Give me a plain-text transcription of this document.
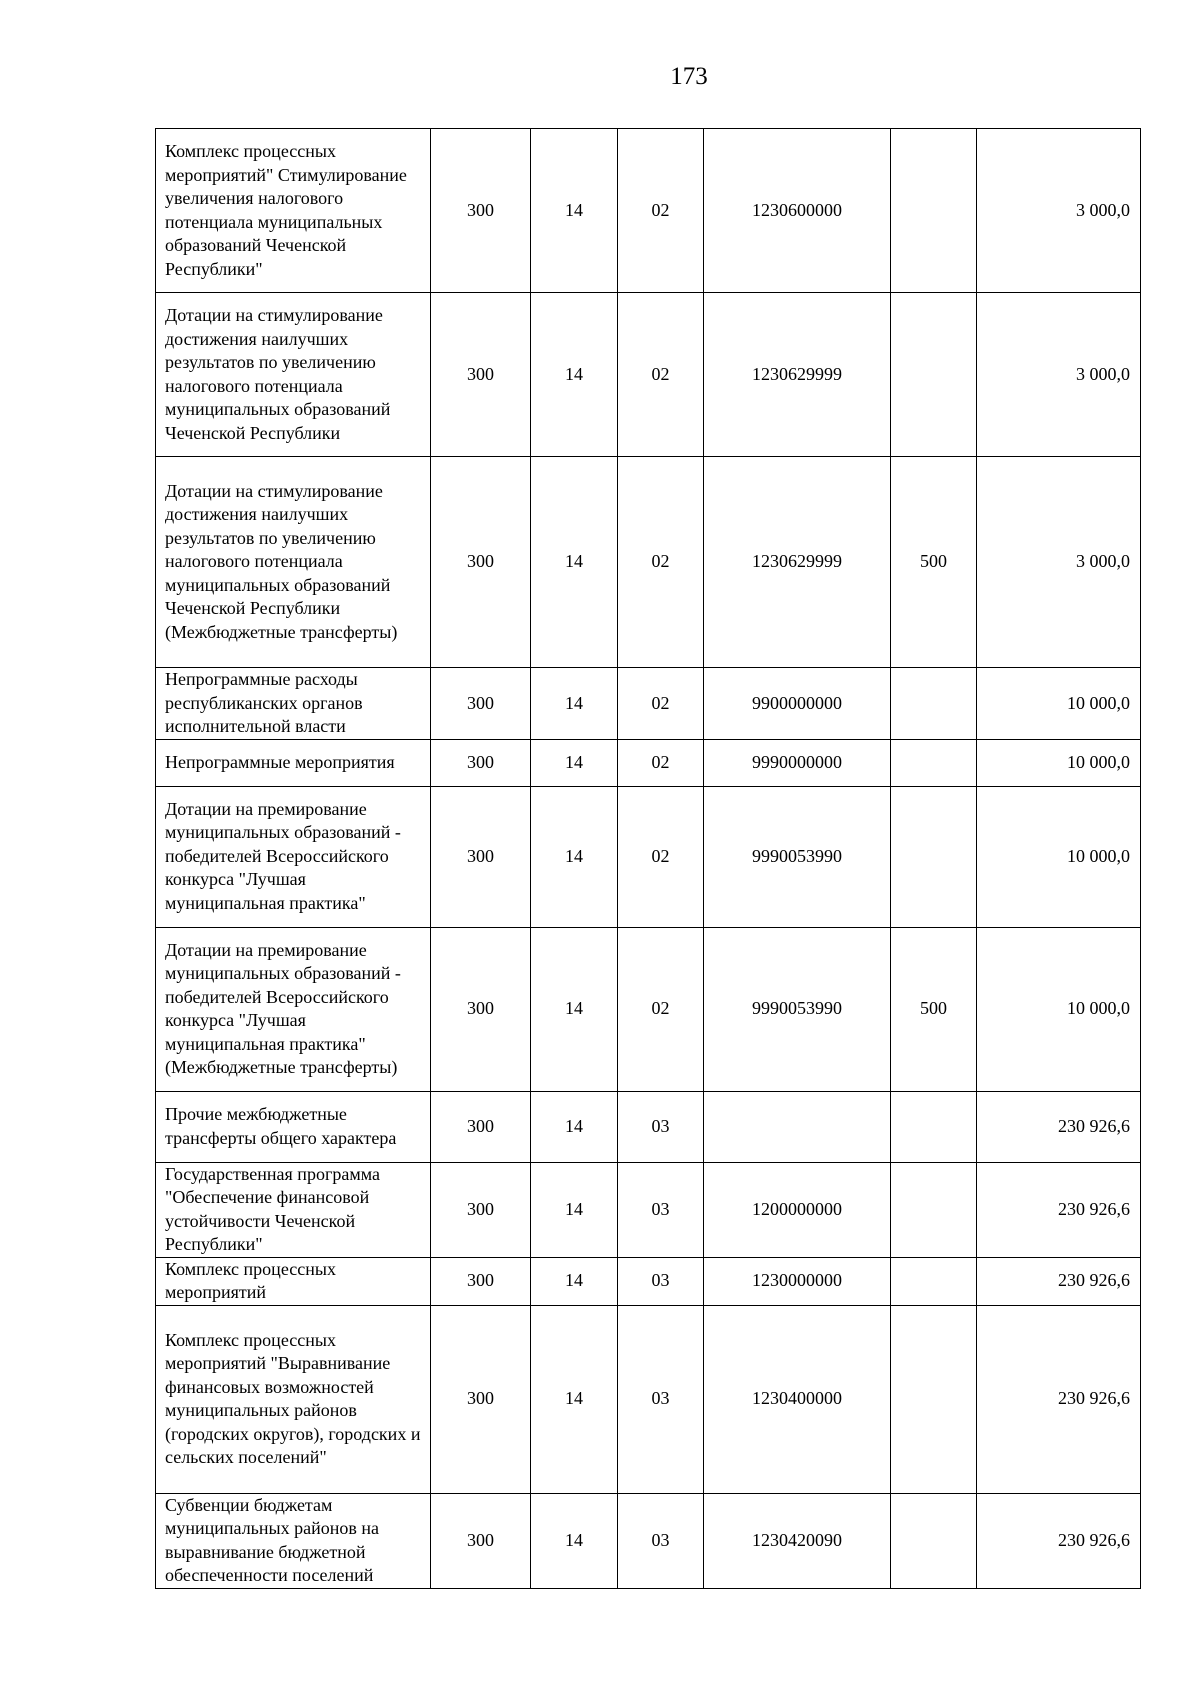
173
Комплекс процессных мероприятий" Стимулирование увеличения налогового потенциала муниципальных образований Чеченской Республики"	300	14	02	1230600000		3 000,0
Дотации на стимулирование достижения наилучших результатов по увеличению налогового потенциала муниципальных образований Чеченской Республики	300	14	02	1230629999		3 000,0
Дотации на стимулирование достижения наилучших результатов по увеличению налогового потенциала муниципальных образований Чеченской Республики (Межбюджетные трансферты)	300	14	02	1230629999	500	3 000,0
Непрограммные расходы республиканских органов исполнительной власти	300	14	02	9900000000		10 000,0
Непрограммные мероприятия	300	14	02	9990000000		10 000,0
Дотации на премирование муниципальных образований - победителей Всероссийского конкурса "Лучшая муниципальная практика"	300	14	02	9990053990		10 000,0
Дотации на премирование муниципальных образований - победителей Всероссийского конкурса "Лучшая муниципальная практика" (Межбюджетные трансферты)	300	14	02	9990053990	500	10 000,0
Прочие межбюджетные трансферты общего характера	300	14	03			230 926,6
Государственная программа "Обеспечение финансовой устойчивости Чеченской Республики"	300	14	03	1200000000		230 926,6
Комплекс процессных мероприятий	300	14	03	1230000000		230 926,6
Комплекс процессных мероприятий "Выравнивание финансовых возможностей муниципальных районов (городских округов), городских и сельских поселений"	300	14	03	1230400000		230 926,6
Субвенции бюджетам муниципальных районов на выравнивание бюджетной обеспеченности поселений	300	14	03	1230420090		230 926,6
